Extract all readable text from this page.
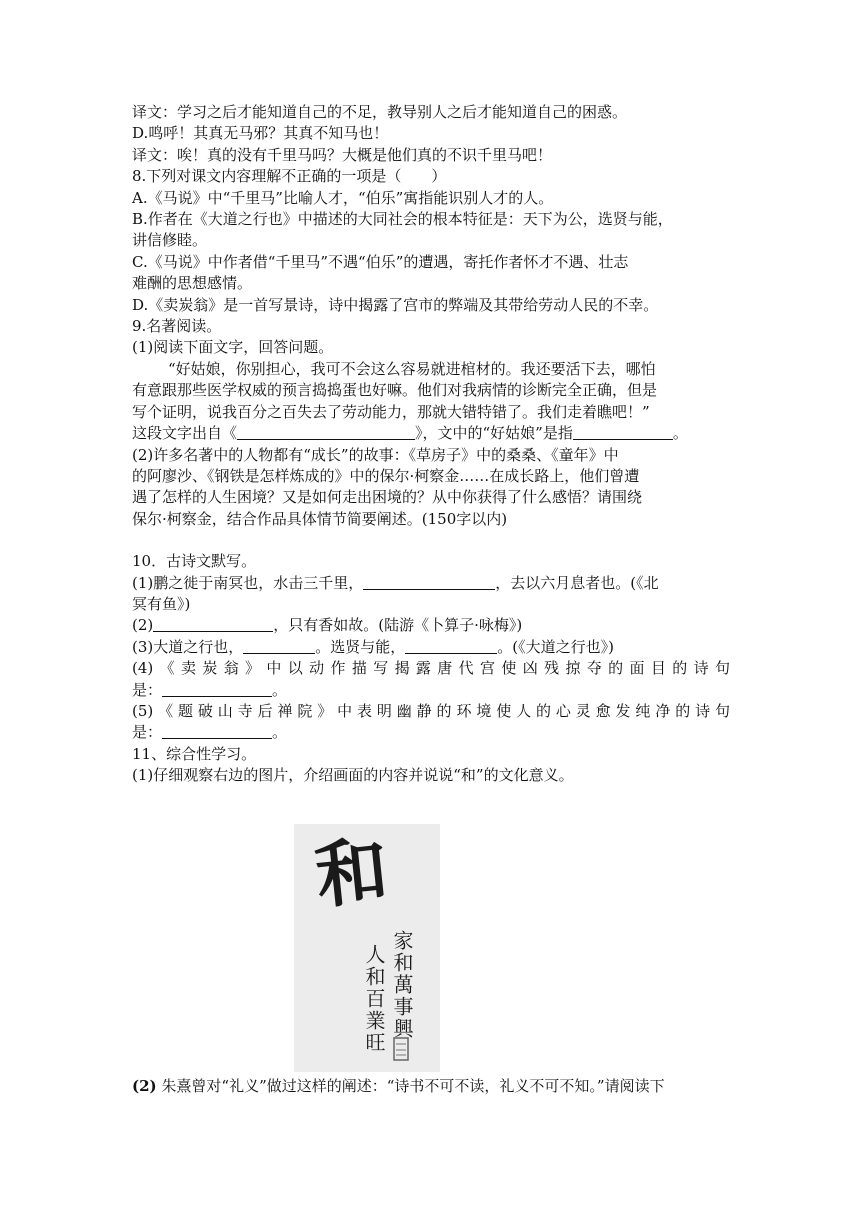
译文：学习之后才能知道自己的不足，教导别人之后才能知道自己的困惑。

D.鸣呼！其真无马邪？其真不知马也！

译文：唉！真的没有千里马吗？大概是他们真的不识千里马吧！

8.下列对课文内容理解不正确的一项是（　　）

A.《马说》中“千里马”比喻人才，“伯乐”寓指能识别人才的人。

B.作者在《大道之行也》中描述的大同社会的根本特征是：天下为公，选贤与能，

讲信修睦。

C.《马说》中作者借“千里马”不遇“伯乐”的遭遇，寄托作者怀才不遇、壮志

难酬的思想感情。

D.《卖炭翁》是一首写景诗，诗中揭露了宫市的弊端及其带给劳动人民的不幸。

9.名著阅读。

(1)阅读下面文字，回答问题。

“好姑娘，你别担心，我可不会这么容易就进棺材的。我还要活下去，哪怕

有意跟那些医学权威的预言捣捣蛋也好嘛。他们对我病情的诊断完全正确，但是

写个证明，说我百分之百失去了劳动能力，那就大错特错了。我们走着瞧吧！”

这段文字出自《	》，文中的“好姑娘”是指	。

(2)许多名著中的人物都有“成长”的故事：《草房子》中的桑桑、《童年》中

的阿廖沙、《钢铁是怎样炼成的》中的保尔·柯察金……在成长路上，他们曾遭

遇了怎样的人生困境？又是如何走出困境的？从中你获得了什么感悟？请围绕

保尔·柯察金，结合作品具体情节简要阐述。(150字以内)

10．古诗文默写。

(1)鹏之徙于南冥也，水击三千里，	，去以六月息者也。(《北

冥有鱼》)

(2)	，只有香如故。(陆游《卜算子·咏梅》)

(3)大道之行也，	。选贤与能，	。(《大道之行也》)

(4)《卖炭翁》中以动作描写揭露唐代宫使凶残掠夺的面目的诗句

是：	。

(5)《题破山寺后禅院》中表明幽静的环境使人的心灵愈发纯净的诗句

是：	。

11、综合性学习。

(1)仔细观察右边的图片，介绍画面的内容并说说“和”的文化意义。

和
家和萬事興
人和百業旺
(2) 朱熹曾对“礼义”做过这样的阐述：“诗书不可不读，礼义不可不知。”请阅读下
